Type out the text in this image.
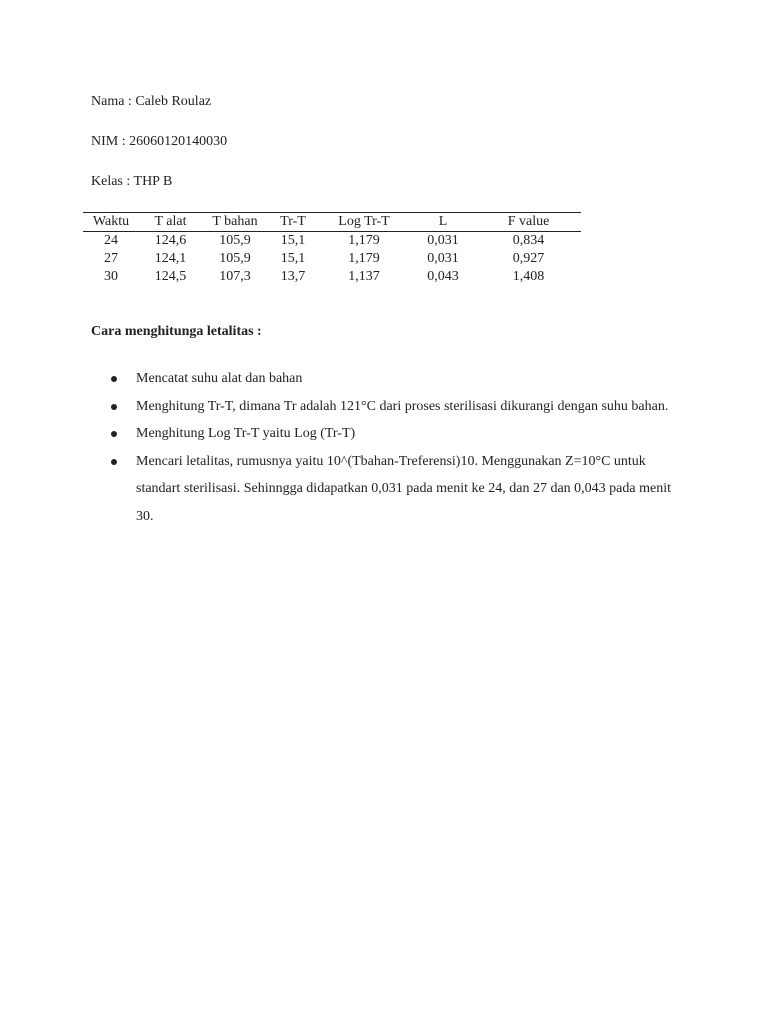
Nama : Caleb Roulaz
NIM : 26060120140030
Kelas : THP B
Waktu	T alat	T bahan	Tr-T	Log Tr-T	L	F value
24	124,6	105,9	15,1	1,179	0,031	0,834
27	124,1	105,9	15,1	1,179	0,031	0,927
30	124,5	107,3	13,7	1,137	0,043	1,408
Cara menghitunga letalitas :
Mencatat suhu alat dan bahan
Menghitung Tr-T, dimana Tr adalah 121°C dari proses sterilisasi dikurangi dengan suhu bahan.
Menghitung Log Tr-T yaitu Log (Tr-T)
Mencari letalitas, rumusnya yaitu 10^(Tbahan-Treferensi)10. Menggunakan Z=10°C untuk standart sterilisasi. Sehinngga didapatkan 0,031 pada menit ke 24, dan 27 dan 0,043 pada menit 30.
